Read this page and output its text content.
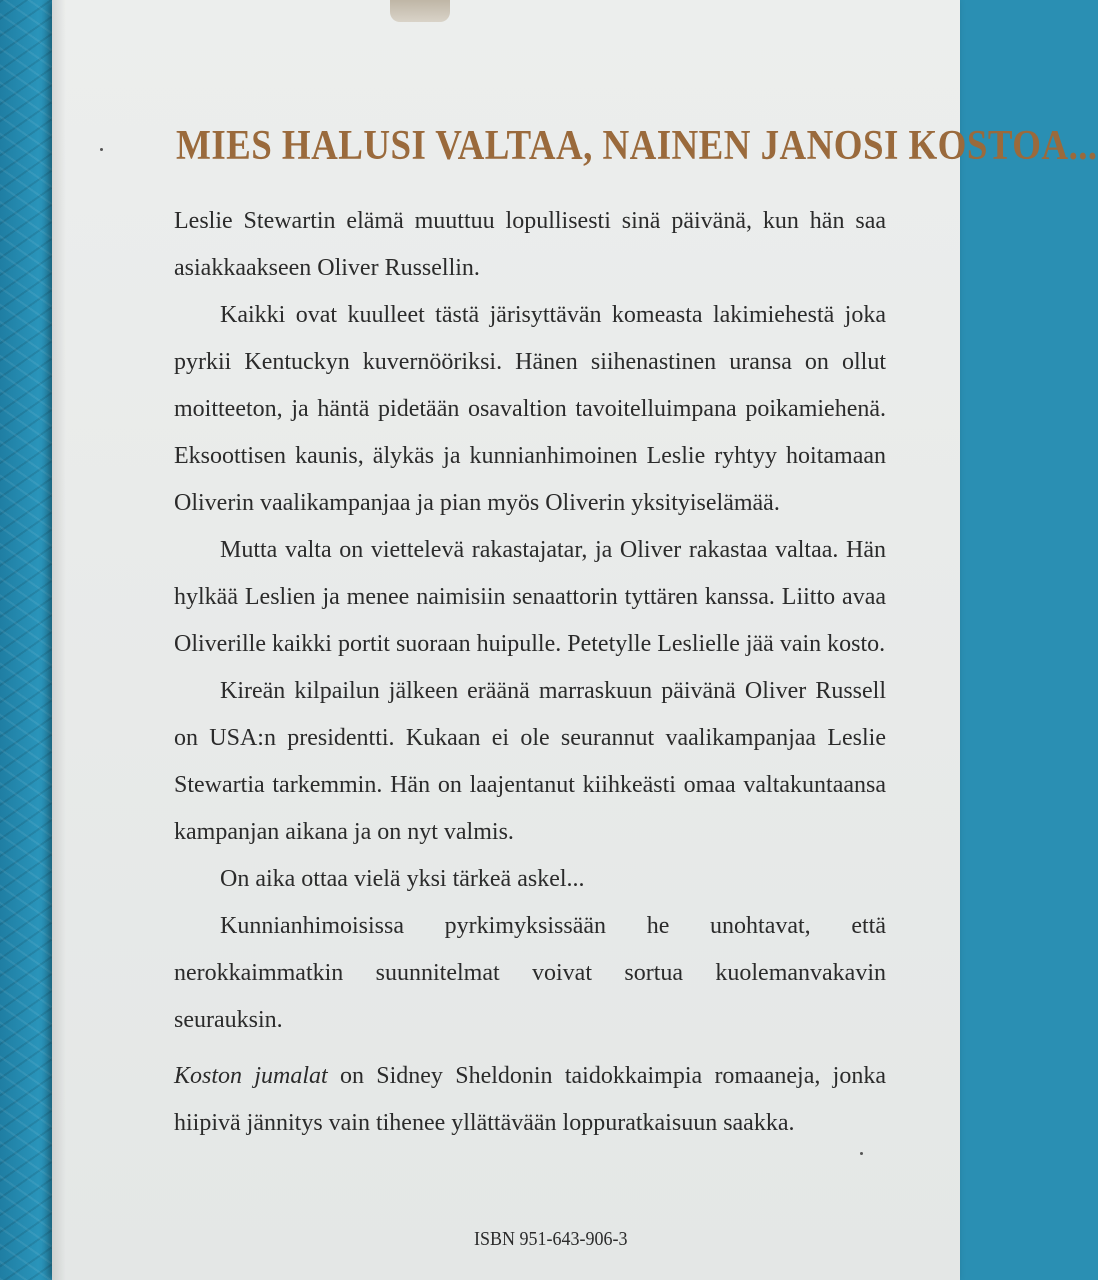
MIES HALUSI VALTAA, NAINEN JANOSI KOSTOA...

Leslie Stewartin elämä muuttuu lopullisesti sinä päivänä, kun hän saa asiakkaakseen Oliver Russellin.

Kaikki ovat kuulleet tästä järisyttävän komeasta lakimiehestä joka pyrkii Kentuckyn kuvernööriksi. Hänen siihenastinen uransa on ollut moitteeton, ja häntä pidetään osavaltion tavoitelluimpana poikamiehenä. Eksoottisen kaunis, älykäs ja kunnianhimoinen Leslie ryhtyy hoitamaan Oliverin vaalikampanjaa ja pian myös Oliverin yksityiselämää.

Mutta valta on viettelevä rakastajatar, ja Oliver rakastaa valtaa. Hän hylkää Leslien ja menee naimisiin senaattorin tyttären kanssa. Liitto avaa Oliverille kaikki portit suoraan huipulle. Petetylle Leslielle jää vain kosto.

Kireän kilpailun jälkeen eräänä marraskuun päivänä Oliver Russell on USA:n presidentti. Kukaan ei ole seurannut vaalikampanjaa Leslie Stewartia tarkemmin. Hän on laajentanut kiihkeästi omaa valtakuntaansa kampanjan aikana ja on nyt valmis.

On aika ottaa vielä yksi tärkeä askel...

Kunnianhimoisissa pyrkimyksissään he unohtavat, että nerokkaimmatkin suunnitelmat voivat sortua kuolemanvakavin seurauksin.

Koston jumalat on Sidney Sheldonin taidokkaimpia romaaneja, jonka hiipivä jännitys vain tihenee yllättävään loppuratkaisuun saakka.

ISBN 951-643-906-3
